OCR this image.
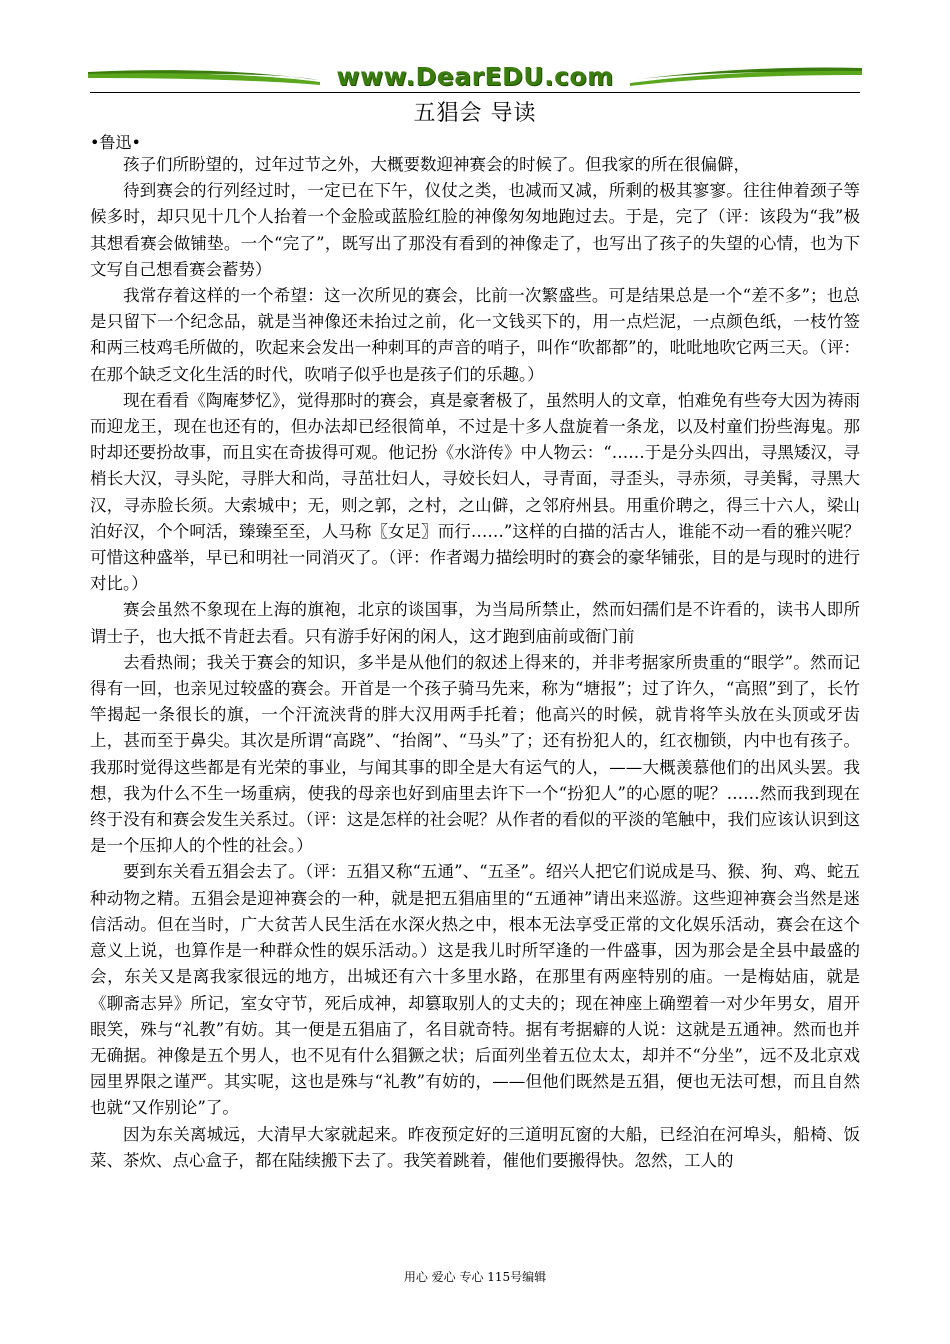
www.DearEDU.com
五猖会 导读
•鲁迅•

孩子们所盼望的，过年过节之外，大概要数迎神赛会的时候了。但我家的所在很偏僻，

待到赛会的行列经过时，一定已在下午，仪仗之类，也减而又减，所剩的极其寥寥。往往伸着颈子等候多时，却只见十几个人抬着一个金脸或蓝脸红脸的神像匆匆地跑过去。于是，完了（评：该段为“我”极其想看赛会做铺垫。一个“完了”，既写出了那没有看到的神像走了，也写出了孩子的失望的心情，也为下文写自己想看赛会蓄势）

我常存着这样的一个希望：这一次所见的赛会，比前一次繁盛些。可是结果总是一个“差不多”；也总是只留下一个纪念品，就是当神像还未抬过之前，化一文钱买下的，用一点烂泥，一点颜色纸，一枝竹签和两三枝鸡毛所做的，吹起来会发出一种刺耳的声音的哨子，叫作“吹都都”的，吡吡地吹它两三天。（评：在那个缺乏文化生活的时代，吹哨子似乎也是孩子们的乐趣。）

现在看看《陶庵梦忆》，觉得那时的赛会，真是豪奢极了，虽然明人的文章，怕难免有些夸大因为祷雨而迎龙王，现在也还有的，但办法却已经很简单，不过是十多人盘旋着一条龙，以及村童们扮些海鬼。那时却还要扮故事，而且实在奇拔得可观。他记扮《水浒传》中人物云：“……于是分头四出，寻黑矮汉，寻梢长大汉，寻头陀，寻胖大和尚，寻茁壮妇人，寻姣长妇人，寻青面，寻歪头，寻赤须，寻美髯，寻黑大汉，寻赤脸长须。大索城中；无，则之郭，之村，之山僻，之邻府州县。用重价聘之，得三十六人，梁山泊好汉，个个呵活，臻臻至至，人马称〖女足〗而行……”这样的白描的活古人，谁能不动一看的雅兴呢？可惜这种盛举，早已和明社一同消灭了。（评：作者竭力描绘明时的赛会的豪华铺张，目的是与现时的进行对比。）

赛会虽然不象现在上海的旗袍，北京的谈国事，为当局所禁止，然而妇孺们是不许看的，读书人即所谓士子，也大抵不肯赶去看。只有游手好闲的闲人，这才跑到庙前或衙门前

去看热闹；我关于赛会的知识，多半是从他们的叙述上得来的，并非考据家所贵重的“眼学”。然而记得有一回，也亲见过较盛的赛会。开首是一个孩子骑马先来，称为“塘报”；过了许久，“高照”到了，长竹竿揭起一条很长的旗，一个汗流浃背的胖大汉用两手托着；他高兴的时候，就肯将竿头放在头顶或牙齿上，甚而至于鼻尖。其次是所谓“高跷”、“抬阁”、“马头”了；还有扮犯人的，红衣枷锁，内中也有孩子。我那时觉得这些都是有光荣的事业，与闻其事的即全是大有运气的人，——大概羡慕他们的出风头罢。我想，我为什么不生一场重病，使我的母亲也好到庙里去许下一个“扮犯人”的心愿的呢？……然而我到现在终于没有和赛会发生关系过。（评：这是怎样的社会呢？从作者的看似的平淡的笔触中，我们应该认识到这是一个压抑人的个性的社会。）

要到东关看五猖会去了。（评：五猖又称“五通”、“五圣”。绍兴人把它们说成是马、猴、狗、鸡、蛇五种动物之精。五猖会是迎神赛会的一种，就是把五猖庙里的“五通神”请出来巡游。这些迎神赛会当然是迷信活动。但在当时，广大贫苦人民生活在水深火热之中，根本无法享受正常的文化娱乐活动，赛会在这个意义上说，也算作是一种群众性的娱乐活动。）这是我儿时所罕逢的一件盛事，因为那会是全县中最盛的会，东关又是离我家很远的地方，出城还有六十多里水路，在那里有两座特别的庙。一是梅姑庙，就是《聊斋志异》所记，室女守节，死后成神，却篡取别人的丈夫的；现在神座上确塑着一对少年男女，眉开眼笑，殊与“礼教”有妨。其一便是五猖庙了，名目就奇特。据有考据癖的人说：这就是五通神。然而也并无确据。神像是五个男人，也不见有什么猖獗之状；后面列坐着五位太太，却并不“分坐”，远不及北京戏园里界限之谨严。其实呢，这也是殊与“礼教”有妨的，——但他们既然是五猖，便也无法可想，而且自然也就“又作别论”了。

因为东关离城远，大清早大家就起来。昨夜预定好的三道明瓦窗的大船，已经泊在河埠头，船椅、饭菜、茶炊、点心盒子，都在陆续搬下去了。我笑着跳着，催他们要搬得快。忽然，工人的

用心 爱心 专心 115号编辑
